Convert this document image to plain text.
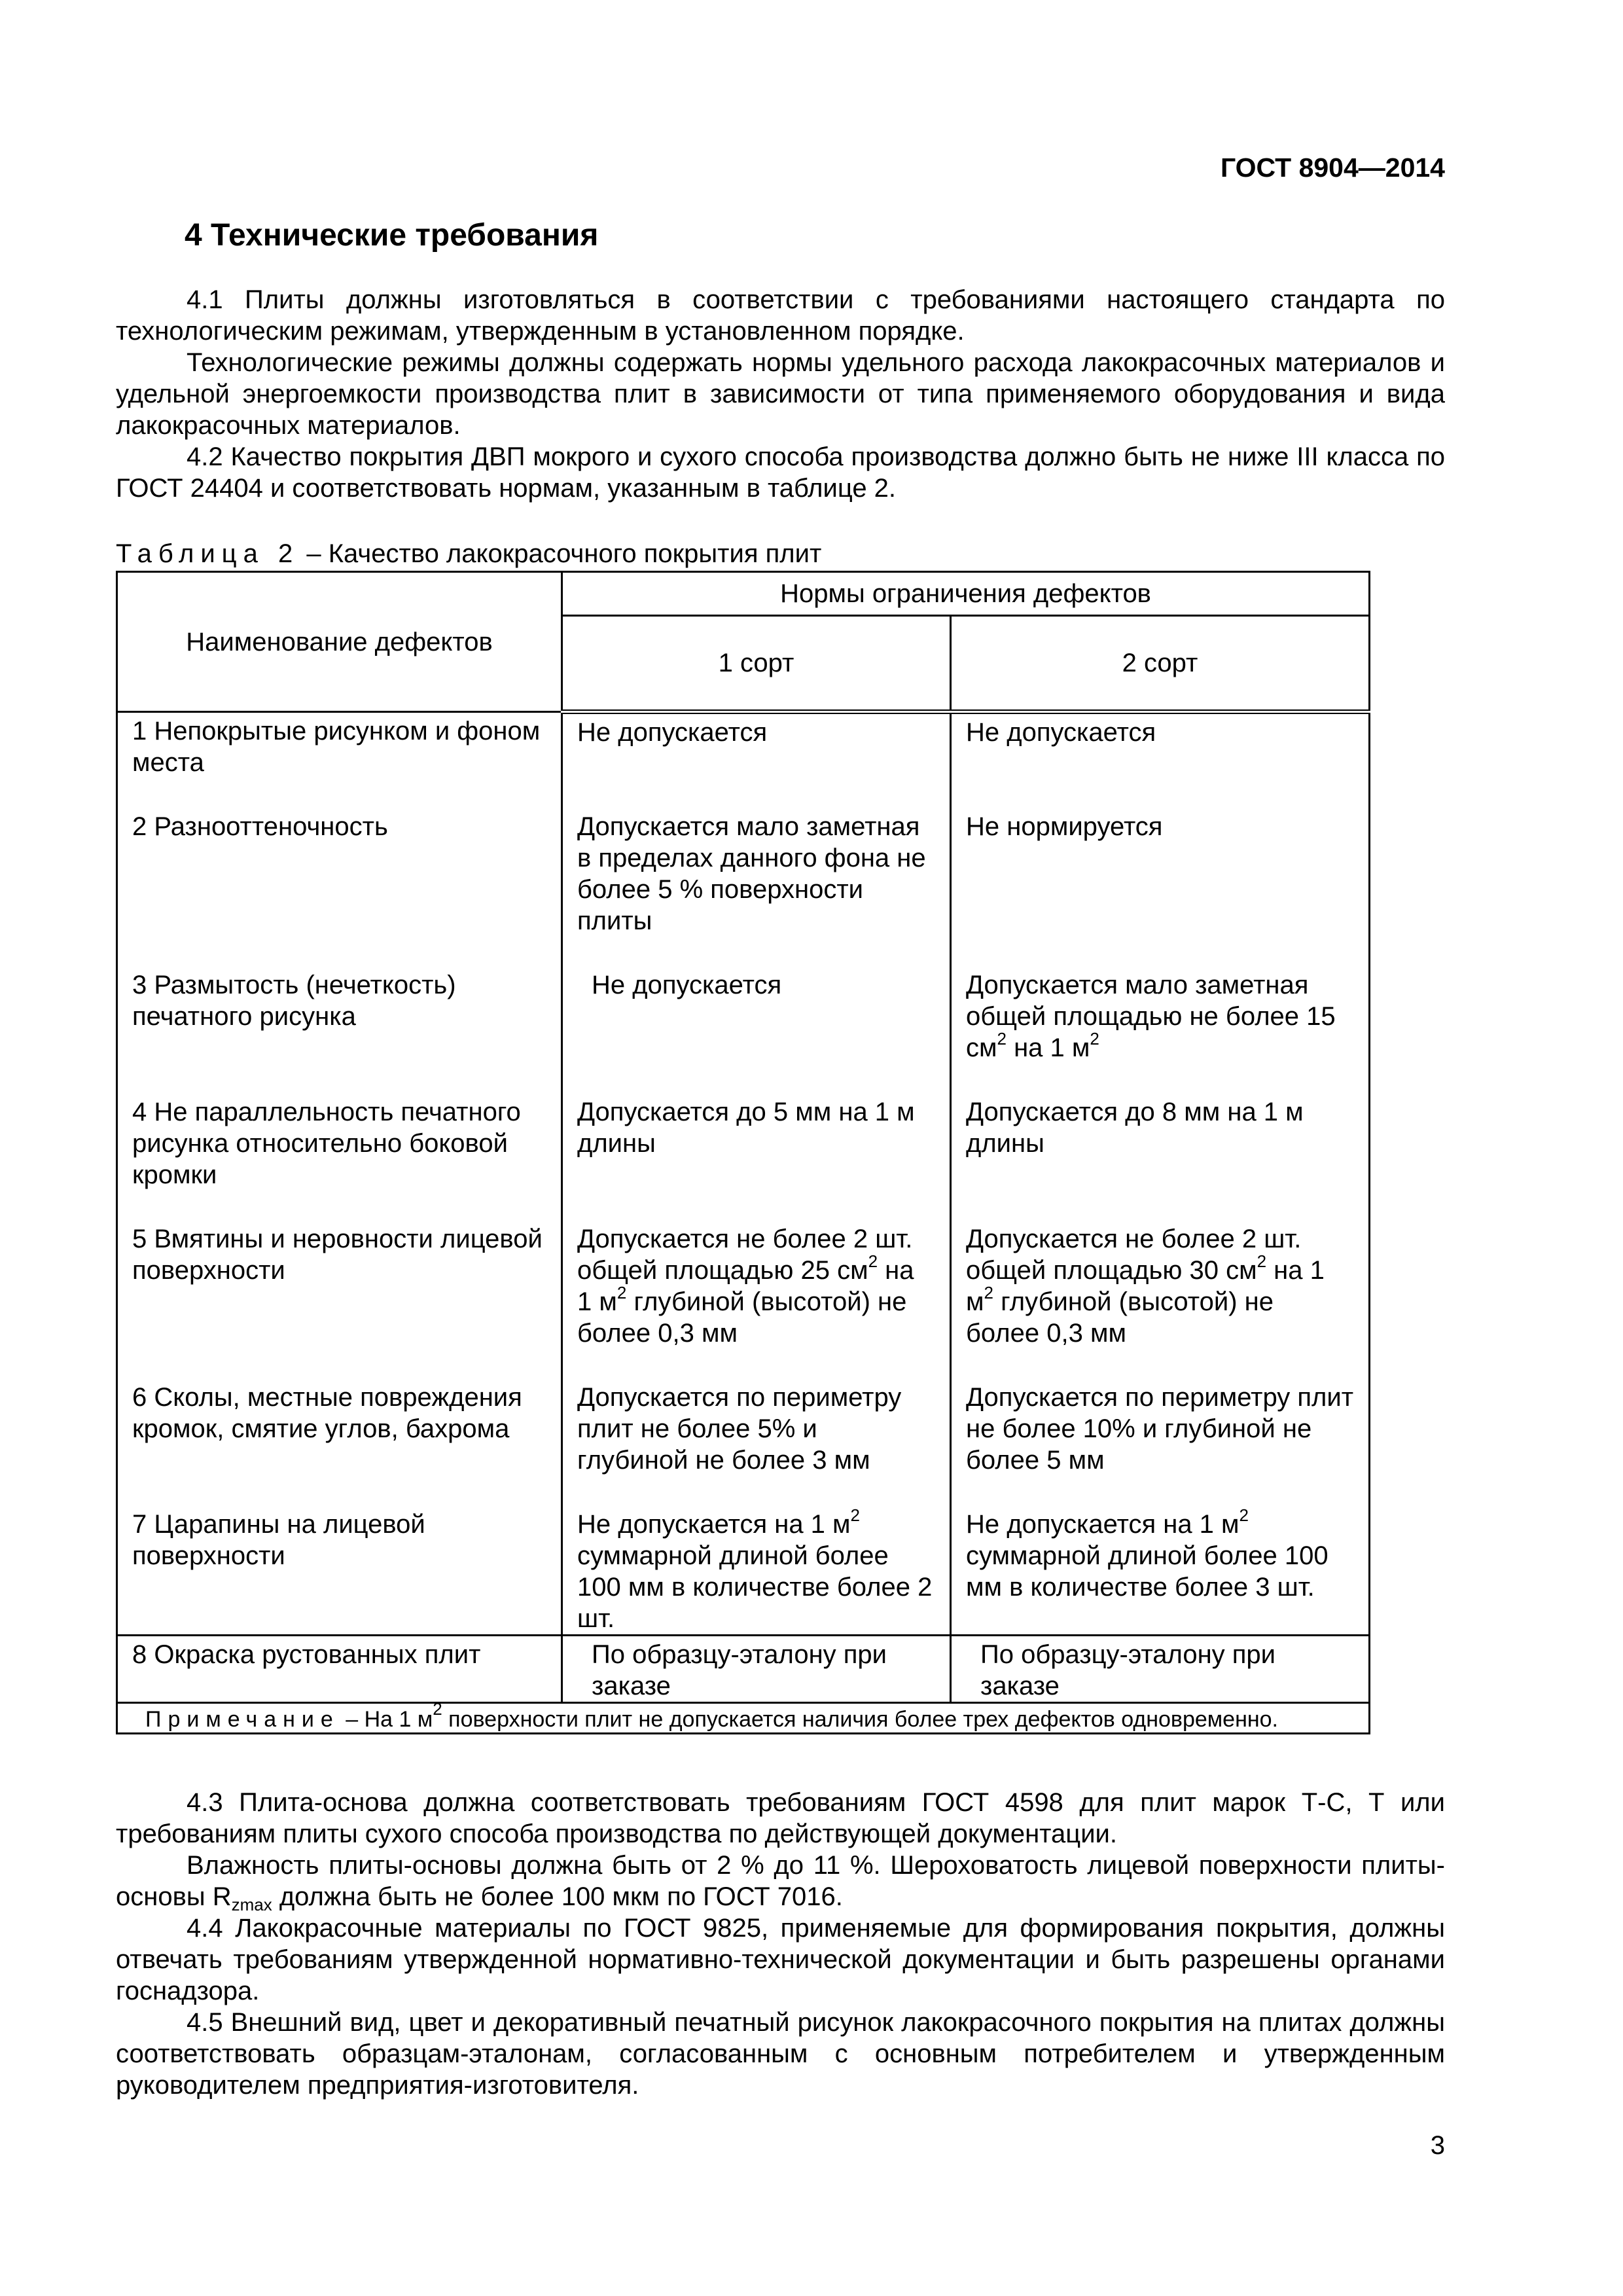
ГОСТ 8904—2014
4 Технические требования
4.1 Плиты должны изготовляться в соответствии с требованиями настоящего стандарта по технологическим режимам, утвержденным в установленном порядке.
Технологические режимы должны содержать нормы удельного расхода лакокрасочных материалов и удельной энергоемкости производства плит в зависимости от типа применяемого оборудования и вида лакокрасочных материалов.
4.2 Качество покрытия ДВП мокрого и сухого способа производства должно быть не ниже III класса по ГОСТ 24404 и соответствовать нормам, указанным в таблице 2.
Таблица 2 – Качество лакокрасочного покрытия плит
Наименование дефектов	Нормы ограничения дефектов	
	1 сорт	2 сорт
1 Непокрытые рисунком и фоном места	Не допускается	Не допускается
2 Разнооттеночность	Допускается мало заметная в пределах данного фона не более 5 % поверхности плиты	Не нормируется
3 Размытость (нечеткость) печатного рисунка	Не допускается	Допускается мало заметная общей площадью не более 15 $см^2$ на 1 $м^2$
4 Не параллельность печатного рисунка относительно боковой кромки	Допускается до 5 мм на 1 м длины	Допускается до 8 мм на 1 м длины
5 Вмятины и неровности лицевой поверхности	Допускается не более 2 шт. общей площадью 25 $см^2$ на 1 $м^2$ глубиной (высотой) не более 0,3 мм	Допускается не более 2 шт. общей площадью 30 $см^2$ на 1 $м^2$ глубиной (высотой) не более 0,3 мм
6 Сколы, местные повреждения кромок, смятие углов, бахрома	Допускается по периметру плит не более 5% и глубиной не более 3 мм	Допускается по периметру плит не более 10% и глубиной не более 5 мм
7 Царапины на лицевой поверхности	Не допускается на 1 $м^2$ суммарной длиной более 100 мм в количестве более 2 шт.	Не допускается на 1 $м^2$ суммарной длиной более 100 мм в количестве более 3 шт.
8 Окраска рустованных плит	По образцу-эталону при заказе	По образцу-эталону при заказе
Примечание – На 1 $м^2$ поверхности плит не допускается наличия более трех дефектов одновременно.		
4.3 Плита-основа должна соответствовать требованиям ГОСТ 4598 для плит марок Т-С, Т или требованиям плиты сухого способа производства по действующей документации.
Влажность плиты-основы должна быть от 2 % до 11 %. Шероховатость лицевой поверхности плиты-основы $R_{zmax}$ должна быть не более 100 мкм по ГОСТ 7016.
4.4 Лакокрасочные материалы по ГОСТ 9825, применяемые для формирования покрытия, должны отвечать требованиям утвержденной нормативно-технической документации и быть разрешены органами госнадзора.
4.5 Внешний вид, цвет и декоративный печатный рисунок лакокрасочного покрытия на плитах должны соответствовать образцам-эталонам, согласованным с основным потребителем и утвержденным руководителем предприятия-изготовителя.
3
